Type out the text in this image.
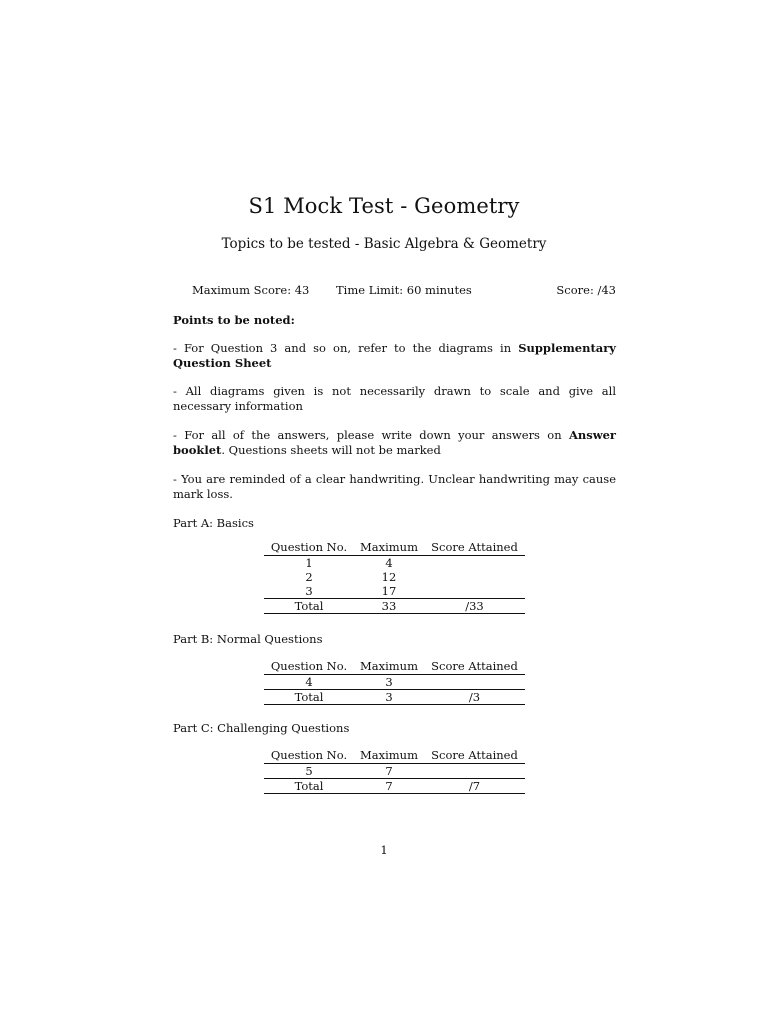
S1 Mock Test - Geometry
Topics to be tested - Basic Algebra & Geometry
Maximum Score: 43 Time Limit: 60 minutes	Score: /43
Points to be noted:
- For Question 3 and so on, refer to the diagrams in Supplementary Question Sheet
- All diagrams given is not necessarily drawn to scale and give all necessary information
- For all of the answers, please write down your answers on Answer booklet. Questions sheets will not be marked
- You are reminded of a clear handwriting. Unclear handwriting may cause mark loss.
Part A: Basics
Question No.	Maximum	Score Attained
1	4	
2	12	
3	17	
Total	33	/33
Part B: Normal Questions
Question No.	Maximum	Score Attained
4	3	
Total	3	/3
Part C: Challenging Questions
Question No.	Maximum	Score Attained
5	7	
Total	7	/7
1
